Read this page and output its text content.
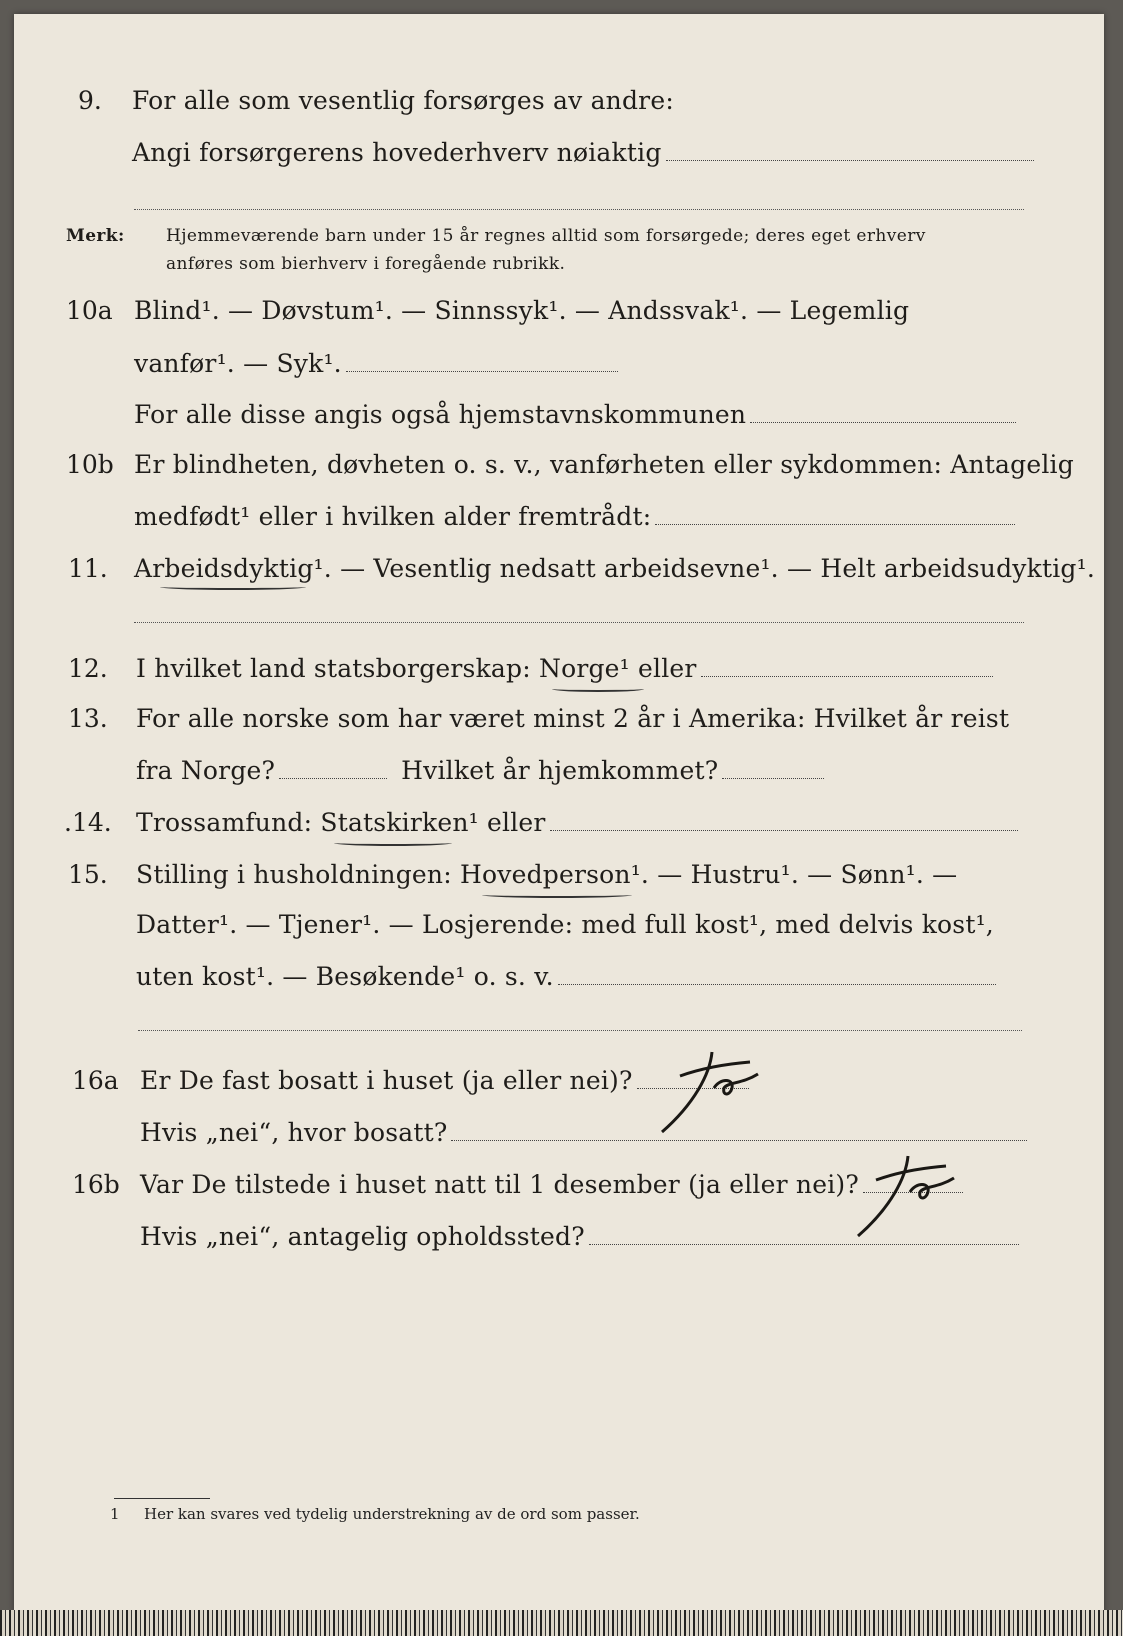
9. For alle som vesentlig forsørges av andre:
Angi forsørgerens hovederhverv nøiaktig
Merk: Hjemmeværende barn under 15 år regnes alltid som forsørgede; deres eget erhverv
anføres som bierhverv i foregående rubrikk.
10a Blind¹. — Døvstum¹. — Sinnssyk¹. — Andssvak¹. — Legemlig
vanfør¹. — Syk¹.
For alle disse angis også hjemstavnskommunen
10b Er blindheten, døvheten o. s. v., vanførheten eller sykdommen: Antagelig
medfødt¹ eller i hvilken alder fremtrådt:
11. Arbeidsdyktig¹. — Vesentlig nedsatt arbeidsevne¹. — Helt arbeidsudyktig¹.
12. I hvilket land statsborgerskap: Norge¹ eller
13. For alle norske som har været minst 2 år i Amerika: Hvilket år reist
fra Norge?	Hvilket år hjemkommet?
.14. Trossamfund: Statskirken¹ eller
15. Stilling i husholdningen: Hovedperson¹. — Hustru¹. — Sønn¹. —
Datter¹. — Tjener¹. — Losjerende: med full kost¹, med delvis kost¹,
uten kost¹. — Besøkende¹ o. s. v.
16a Er De fast bosatt i huset (ja eller nei)?
Hvis „nei“, hvor bosatt?
16b Var De tilstede i huset natt til 1 desember (ja eller nei)?
Hvis „nei“, antagelig opholdssted?
1 Her kan svares ved tydelig understrekning av de ord som passer.
